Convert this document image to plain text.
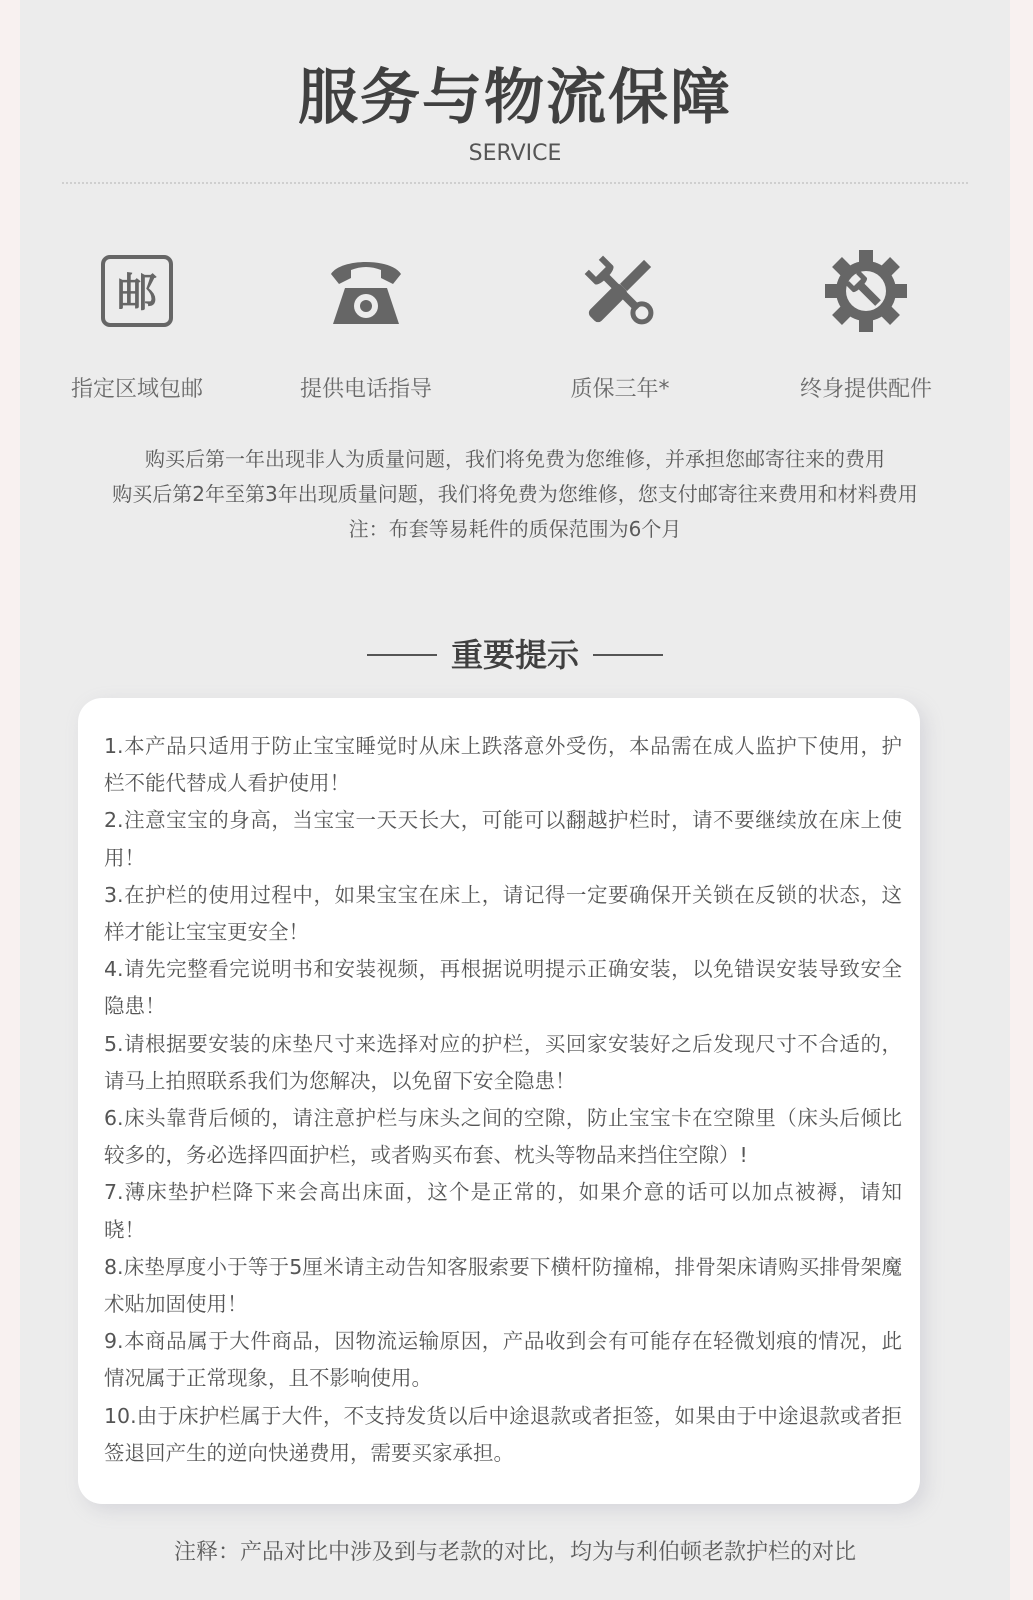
服务与物流保障
SERVICE
邮
指定区域包邮	提供电话指导	质保三年*	终身提供配件
购买后第一年出现非人为质量问题，我们将免费为您维修，并承担您邮寄往来的费用
购买后第2年至第3年出现质量问题，我们将免费为您维修，您支付邮寄往来费用和材料费用
注：布套等易耗件的质保范围为6个月
重要提示
1.本产品只适用于防止宝宝睡觉时从床上跌落意外受伤，本品需在成人监护下使用，护栏不能代替成人看护使用！
2.注意宝宝的身高，当宝宝一天天长大，可能可以翻越护栏时，请不要继续放在床上使用！
3.在护栏的使用过程中，如果宝宝在床上，请记得一定要确保开关锁在反锁的状态，这样才能让宝宝更安全！
4.请先完整看完说明书和安装视频，再根据说明提示正确安装，以免错误安装导致安全隐患！
5.请根据要安装的床垫尺寸来选择对应的护栏，买回家安装好之后发现尺寸不合适的，请马上拍照联系我们为您解决，以免留下安全隐患！
6.床头靠背后倾的，请注意护栏与床头之间的空隙，防止宝宝卡在空隙里（床头后倾比较多的，务必选择四面护栏，或者购买布套、枕头等物品来挡住空隙）!
7.薄床垫护栏降下来会高出床面，这个是正常的，如果介意的话可以加点被褥，请知晓！
8.床垫厚度小于等于5厘米请主动告知客服索要下横杆防撞棉，排骨架床请购买排骨架魔术贴加固使用！
9.本商品属于大件商品，因物流运输原因，产品收到会有可能存在轻微划痕的情况，此情况属于正常现象，且不影响使用。
10.由于床护栏属于大件，不支持发货以后中途退款或者拒签，如果由于中途退款或者拒签退回产生的逆向快递费用，需要买家承担。
注释：产品对比中涉及到与老款的对比，均为与利伯顿老款护栏的对比
